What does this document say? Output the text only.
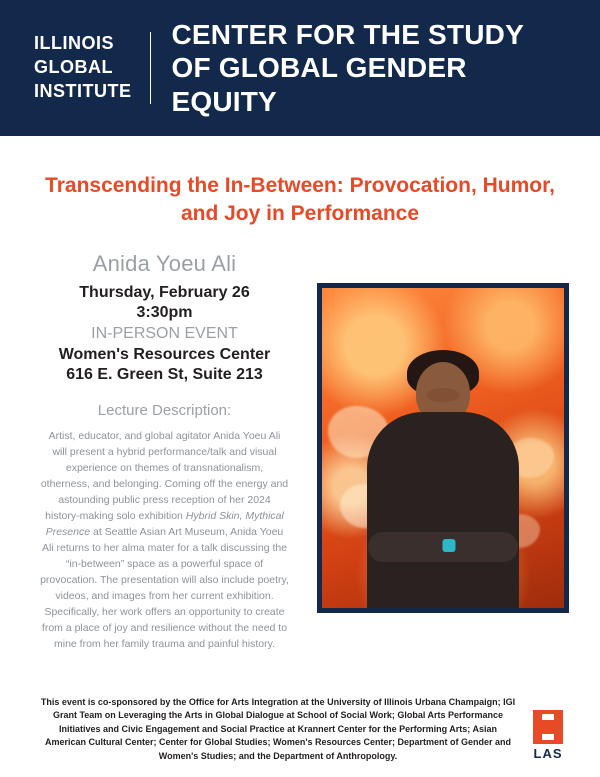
ILLINOIS
GLOBAL
INSTITUTE
CENTER FOR THE STUDY
OF GLOBAL GENDER EQUITY
Transcending the In-Between: Provocation, Humor, and Joy in Performance
Anida Yoeu Ali
Thursday, February 26
3:30pm
IN-PERSON EVENT
Women's Resources Center
616 E. Green St, Suite 213
Lecture Description:
Artist, educator, and global agitator Anida Yoeu Ali will present a hybrid performance/talk and visual experience on themes of transnationalism, otherness, and belonging. Coming off the energy and astounding public press reception of her 2024 history-making solo exhibition Hybrid Skin, Mythical Presence at Seattle Asian Art Museum, Anida Yoeu Ali returns to her alma mater for a talk discussing the “in-between” space as a powerful space of provocation. The presentation will also include poetry, videos, and images from her current exhibition. Specifically, her work offers an opportunity to create from a place of joy and resilience without the need to mine from her family trauma and painful history.
This event is co-sponsored by the Office for Arts Integration at the University of Illinois Urbana Champaign; IGI Grant Team on Leveraging the Arts in Global Dialogue at School of Social Work; Global Arts Performance Initiatives and Civic Engagement and Social Practice at Krannert Center for the Performing Arts; Asian American Cultural Center; Center for Global Studies; Women's Resources Center; Department of Gender and Women's Studies; and the Department of Anthropology.	LAS
